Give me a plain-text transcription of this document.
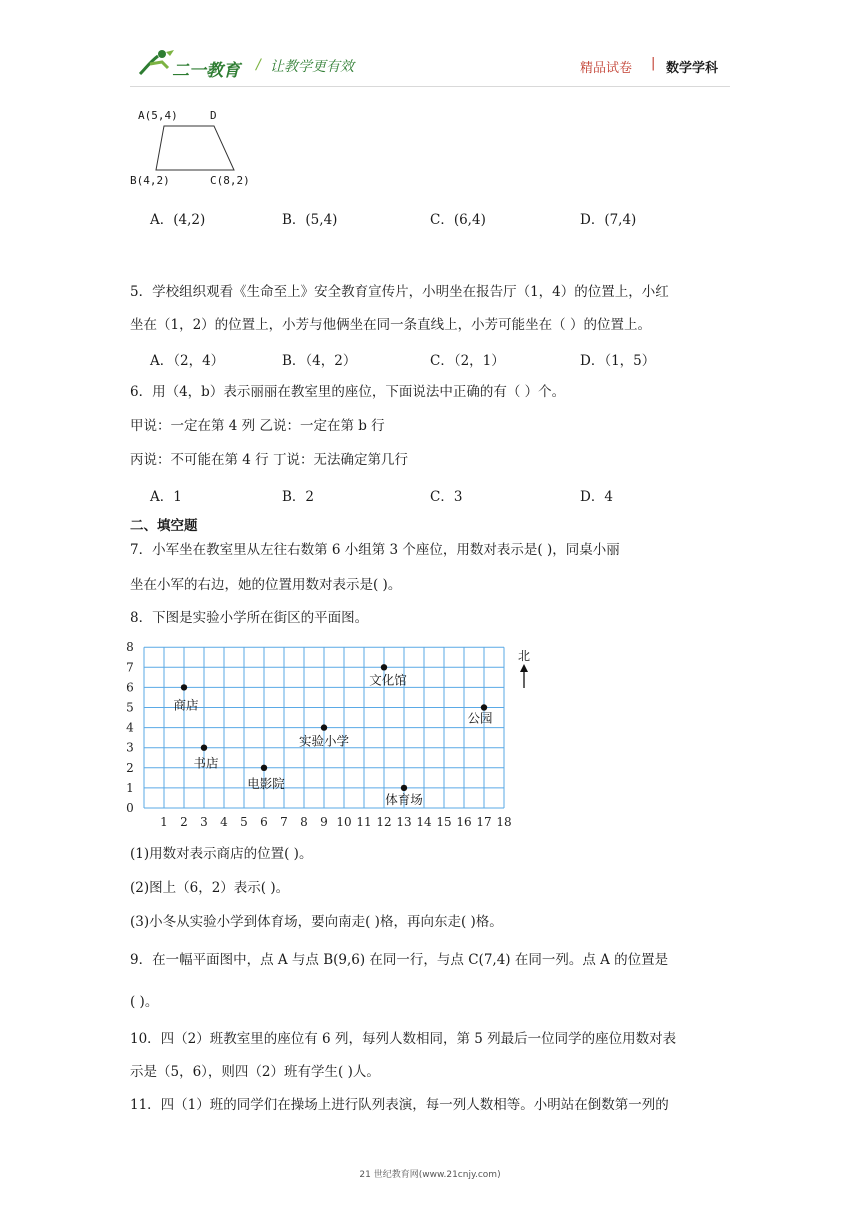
二一教育 / 让教学更有效	精品试卷 | 数学学科
A(5,4)	D
B(4,2)	C(8,2)
A．(4,2)	B．(5,4)	C．(6,4)	D．(7,4)
5．学校组织观看《生命至上》安全教育宣传片，小明坐在报告厅（1，4）的位置上，小红
坐在（1，2）的位置上，小芳与他俩坐在同一条直线上，小芳可能坐在（ ）的位置上。
A．（2，4）	B．（4，2）	C．（2，1）	D．（1，5）
6．用（4，b）表示丽丽在教室里的座位，下面说法中正确的有（ ）个。
甲说：一定在第 4 列 乙说：一定在第 b 行
丙说：不可能在第 4 行 丁说：无法确定第几行
A．1	B．2	C．3	D．4
二、填空题
7．小军坐在教室里从左往右数第 6 小组第 3 个座位，用数对表示是( )，同桌小丽
坐在小军的右边，她的位置用数对表示是( )。
8．下图是实验小学所在街区的平面图。
1 2 3 4 5 6 7 8 9 10 11 12 13 14 15 16 17 18
0
1
2
3
4
5
6
7
8
商店
书店
电影院
实验小学
文化馆
体育场
公园
北
(1)用数对表示商店的位置( )。
(2)图上（6，2）表示( )。
(3)小冬从实验小学到体育场，要向南走( )格，再向东走( )格。
9．在一幅平面图中，点 A 与点 B(9,6) 在同一行，与点 C(7,4) 在同一列。点 A 的位置是
( )。
10．四（2）班教室里的座位有 6 列，每列人数相同，第 5 列最后一位同学的座位用数对表
示是（5，6），则四（2）班有学生( )人。
11．四（1）班的同学们在操场上进行队列表演，每一列人数相等。小明站在倒数第一列的
21 世纪教育网(www.21cnjy.com)
